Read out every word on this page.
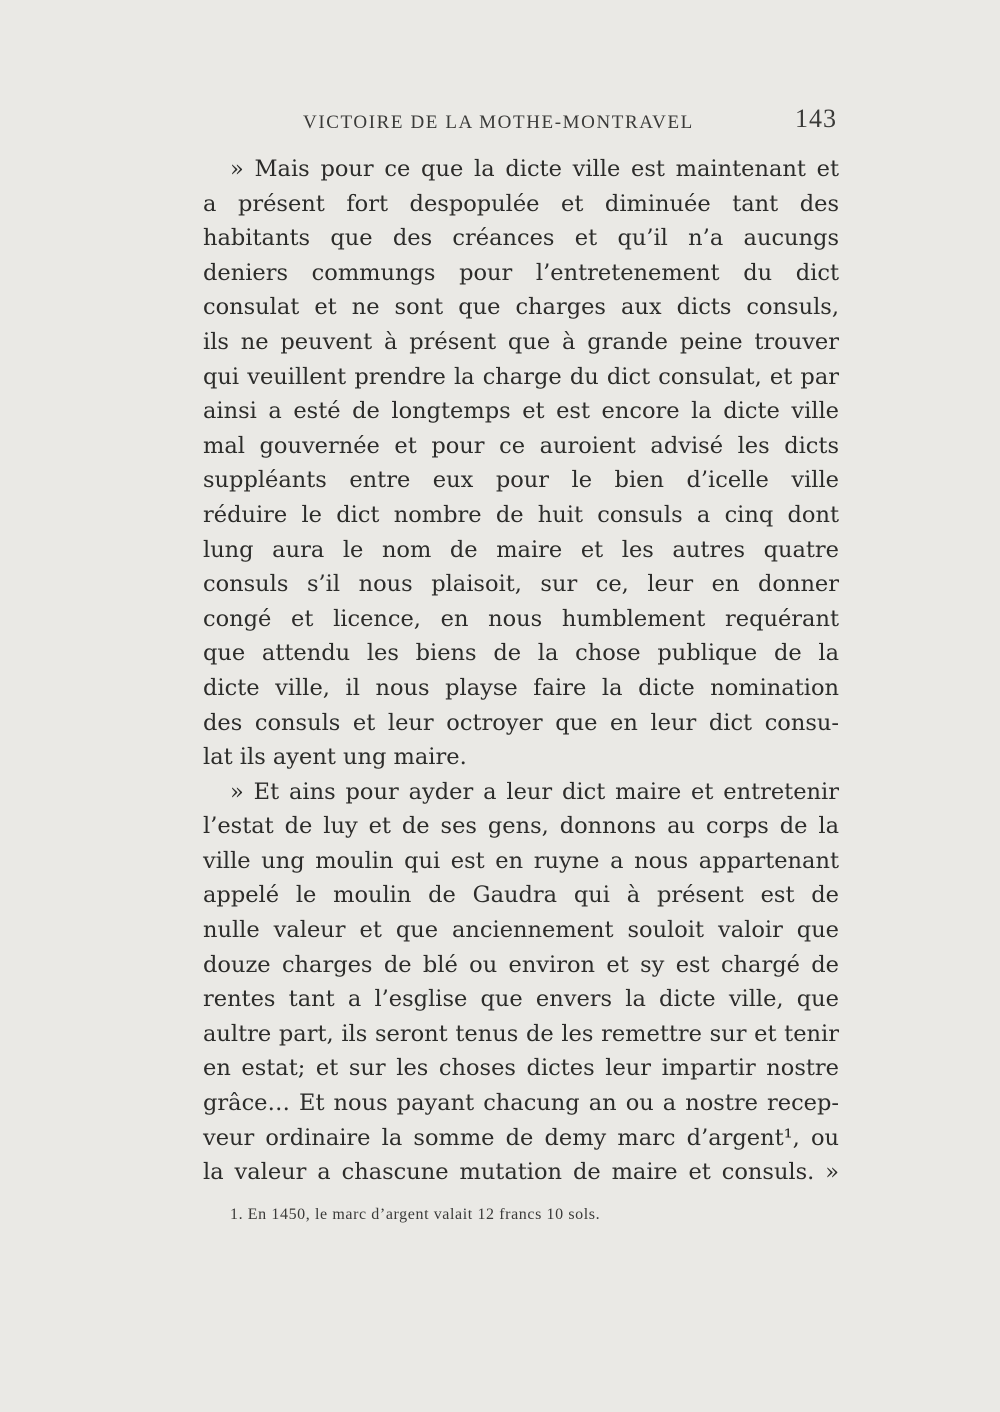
VICTOIRE DE LA MOTHE-MONTRAVEL	143
» Mais pour ce que la dicte ville est maintenant et
a présent fort despopulée et diminuée tant des
habitants que des créances et qu’il n’a aucungs
deniers commungs pour l’entretenement du dict
consulat et ne sont que charges aux dicts consuls,
ils ne peuvent à présent que à grande peine trouver
qui veuillent prendre la charge du dict consulat, et par
ainsi a esté de longtemps et est encore la dicte ville
mal gouvernée et pour ce auroient advisé les dicts
suppléants entre eux pour le bien d’icelle ville
réduire le dict nombre de huit consuls a cinq dont
lung aura le nom de maire et les autres quatre
consuls s’il nous plaisoit, sur ce, leur en donner
congé et licence, en nous humblement requérant
que attendu les biens de la chose publique de la
dicte ville, il nous playse faire la dicte nomination
des consuls et leur octroyer que en leur dict consu-
lat ils ayent ung maire.
» Et ains pour ayder a leur dict maire et entretenir
l’estat de luy et de ses gens, donnons au corps de la
ville ung moulin qui est en ruyne a nous appartenant
appelé le moulin de Gaudra qui à présent est de
nulle valeur et que anciennement souloit valoir que
douze charges de blé ou environ et sy est chargé de
rentes tant a l’esglise que envers la dicte ville, que
aultre part, ils seront tenus de les remettre sur et tenir
en estat; et sur les choses dictes leur impartir nostre
grâce… Et nous payant chacung an ou a nostre recep-
veur ordinaire la somme de demy marc d’argent¹, ou
la valeur a chascune mutation de maire et consuls. »
1. En 1450, le marc d’argent valait 12 francs 10 sols.
